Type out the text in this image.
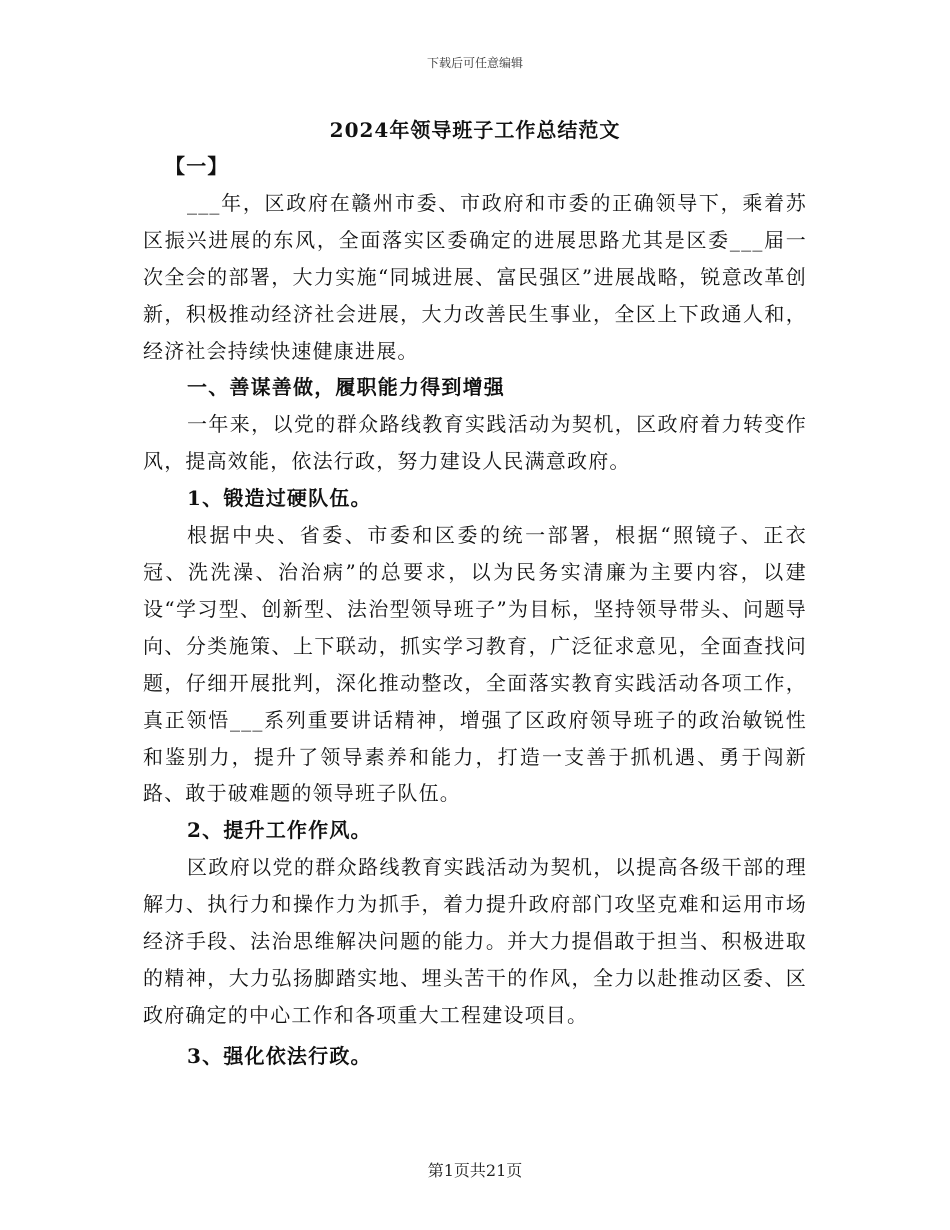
下载后可任意编辑
2024年领导班子工作总结范文

【一】

___年，区政府在赣州市委、市政府和市委的正确领导下，乘着苏区振兴进展的东风，全面落实区委确定的进展思路尤其是区委___届一次全会的部署，大力实施“同城进展、富民强区”进展战略，锐意改革创新，积极推动经济社会进展，大力改善民生事业，全区上下政通人和，经济社会持续快速健康进展。

一、善谋善做，履职能力得到增强

一年来，以党的群众路线教育实践活动为契机，区政府着力转变作风，提高效能，依法行政，努力建设人民满意政府。

1、锻造过硬队伍。

根据中央、省委、市委和区委的统一部署，根据“照镜子、正衣冠、洗洗澡、治治病”的总要求，以为民务实清廉为主要内容，以建设“学习型、创新型、法治型领导班子”为目标，坚持领导带头、问题导向、分类施策、上下联动，抓实学习教育，广泛征求意见，全面查找问题，仔细开展批判，深化推动整改，全面落实教育实践活动各项工作，真正领悟___系列重要讲话精神，增强了区政府领导班子的政治敏锐性和鉴别力，提升了领导素养和能力，打造一支善于抓机遇、勇于闯新路、敢于破难题的领导班子队伍。

2、提升工作作风。

区政府以党的群众路线教育实践活动为契机，以提高各级干部的理解力、执行力和操作力为抓手，着力提升政府部门攻坚克难和运用市场经济手段、法治思维解决问题的能力。并大力提倡敢于担当、积极进取的精神，大力弘扬脚踏实地、埋头苦干的作风，全力以赴推动区委、区政府确定的中心工作和各项重大工程建设项目。

3、强化依法行政。

第1页共21页
